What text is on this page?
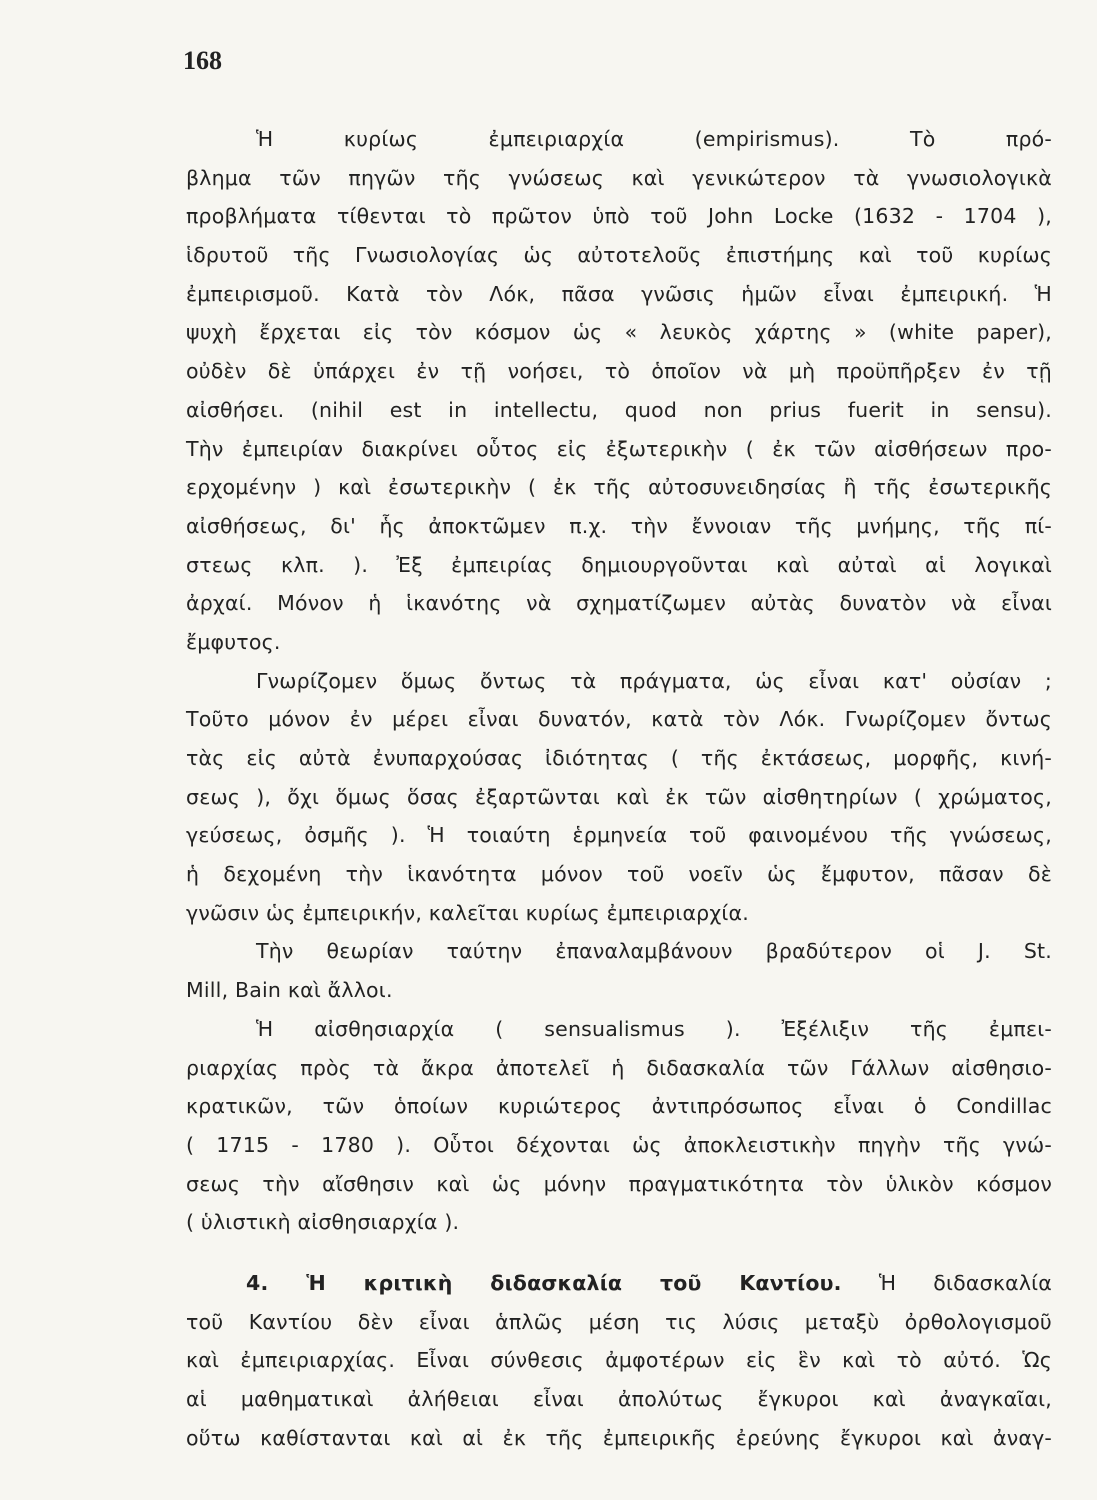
168
Ἡ κυρίως ἐμπειριαρχία (empirismus). Τὸ πρό-
βλημα τῶν πηγῶν τῆς γνώσεως καὶ γενικώτερον τὰ γνωσιολογικὰ
προβλήματα τίθενται τὸ πρῶτον ὑπὸ τοῦ John Locke (1632 - 1704 ),
ἱδρυτοῦ τῆς Γνωσιολογίας ὡς αὐτοτελοῦς ἐπιστήμης καὶ τοῦ κυρίως
ἐμπειρισμοῦ. Κατὰ τὸν Λόκ, πᾶσα γνῶσις ἡμῶν εἶναι ἐμπειρική. Ἡ
ψυχὴ ἔρχεται εἰς τὸν κόσμον ὡς « λευκὸς χάρτης » (white paper),
οὐδὲν δὲ ὑπάρχει ἐν τῇ νοήσει, τὸ ὁποῖον νὰ μὴ προϋπῆρξεν ἐν τῇ
αἰσθήσει. (nihil est in intellectu, quod non prius fuerit in sensu).
Τὴν ἐμπειρίαν διακρίνει οὗτος εἰς ἐξωτερικὴν ( ἐκ τῶν αἰσθήσεων προ-
ερχομένην ) καὶ ἐσωτερικὴν ( ἐκ τῆς αὐτοσυνειδησίας ἢ τῆς ἐσωτερικῆς
αἰσθήσεως, δι' ἧς ἀποκτῶμεν π.χ. τὴν ἔννοιαν τῆς μνήμης, τῆς πί-
στεως κλπ. ). Ἐξ ἐμπειρίας δημιουργοῦνται καὶ αὐταὶ αἱ λογικαὶ
ἀρχαί. Μόνον ἡ ἱκανότης νὰ σχηματίζωμεν αὐτὰς δυνατὸν νὰ εἶναι
ἔμφυτος.
Γνωρίζομεν ὅμως ὄντως τὰ πράγματα, ὡς εἶναι κατ' οὐσίαν ;
Τοῦτο μόνον ἐν μέρει εἶναι δυνατόν, κατὰ τὸν Λόκ. Γνωρίζομεν ὄντως
τὰς εἰς αὐτὰ ἐνυπαρχούσας ἰδιότητας ( τῆς ἐκτάσεως, μορφῆς, κινή-
σεως ), ὄχι ὅμως ὅσας ἐξαρτῶνται καὶ ἐκ τῶν αἰσθητηρίων ( χρώματος,
γεύσεως, ὀσμῆς ). Ἡ τοιαύτη ἑρμηνεία τοῦ φαινομένου τῆς γνώσεως,
ἡ δεχομένη τὴν ἱκανότητα μόνον τοῦ νοεῖν ὡς ἔμφυτον, πᾶσαν δὲ
γνῶσιν ὡς ἐμπειρικήν, καλεῖται κυρίως ἐμπειριαρχία.
Τὴν θεωρίαν ταύτην ἐπαναλαμβάνουν βραδύτερον οἱ J. St.
Mill, Bain καὶ ἄλλοι.
Ἡ αἰσθησιαρχία ( sensualismus ). Ἐξέλιξιν τῆς ἐμπει-
ριαρχίας πρὸς τὰ ἄκρα ἀποτελεῖ ἡ διδασκαλία τῶν Γάλλων αἰσθησιο-
κρατικῶν, τῶν ὁποίων κυριώτερος ἀντιπρόσωπος εἶναι ὁ Condillac
( 1715 - 1780 ). Οὗτοι δέχονται ὡς ἀποκλειστικὴν πηγὴν τῆς γνώ-
σεως τὴν αἴσθησιν καὶ ὡς μόνην πραγματικότητα τὸν ὑλικὸν κόσμον
( ὑλιστικὴ αἰσθησιαρχία ).
4. Ἡ κριτικὴ διδασκαλία τοῦ Καντίου. Ἡ διδασκαλία
τοῦ Καντίου δὲν εἶναι ἁπλῶς μέση τις λύσις μεταξὺ ὀρθολογισμοῦ
καὶ ἐμπειριαρχίας. Εἶναι σύνθεσις ἀμφοτέρων εἰς ἓν καὶ τὸ αὐτό. Ὡς
αἱ μαθηματικαὶ ἀλήθειαι εἶναι ἀπολύτως ἔγκυροι καὶ ἀναγκαῖαι,
οὕτω καθίστανται καὶ αἱ ἐκ τῆς ἐμπειρικῆς ἐρεύνης ἔγκυροι καὶ ἀναγ-
